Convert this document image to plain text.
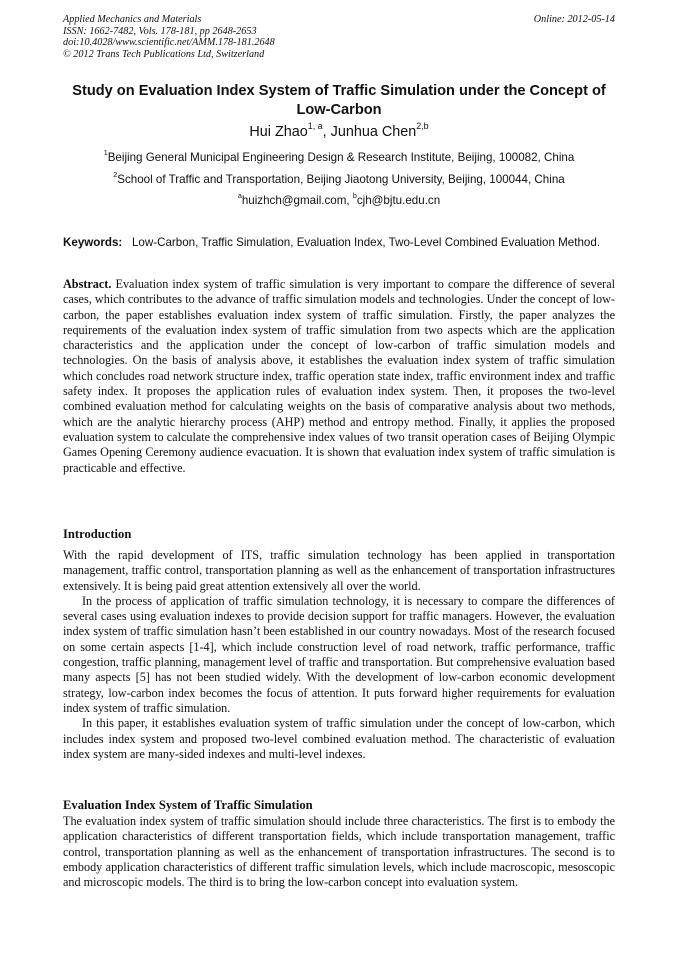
Applied Mechanics and Materials
ISSN: 1662-7482, Vols. 178-181, pp 2648-2653
doi:10.4028/www.scientific.net/AMM.178-181.2648
© 2012 Trans Tech Publications Ltd, Switzerland
Online: 2012-05-14
Study on Evaluation Index System of Traffic Simulation under the Concept of Low-Carbon
Hui Zhao$^{1, a}$, Junhua Chen$^{2,b}$
$^1$Beijing General Municipal Engineering Design & Research Institute, Beijing, 100082, China
$^2$School of Traffic and Transportation, Beijing Jiaotong University, Beijing, 100044, China
$^a$huizhch@gmail.com, $^b$cjh@bjtu.edu.cn
Keywords: Low-Carbon, Traffic Simulation, Evaluation Index, Two-Level Combined Evaluation Method.
Abstract. Evaluation index system of traffic simulation is very important to compare the difference of several cases, which contributes to the advance of traffic simulation models and technologies. Under the concept of low-carbon, the paper establishes evaluation index system of traffic simulation. Firstly, the paper analyzes the requirements of the evaluation index system of traffic simulation from two aspects which are the application characteristics and the application under the concept of low-carbon of traffic simulation models and technologies. On the basis of analysis above, it establishes the evaluation index system of traffic simulation which concludes road network structure index, traffic operation state index, traffic environment index and traffic safety index. It proposes the application rules of evaluation index system. Then, it proposes the two-level combined evaluation method for calculating weights on the basis of comparative analysis about two methods, which are the analytic hierarchy process (AHP) method and entropy method. Finally, it applies the proposed evaluation system to calculate the comprehensive index values of two transit operation cases of Beijing Olympic Games Opening Ceremony audience evacuation. It is shown that evaluation index system of traffic simulation is practicable and effective.
Introduction

With the rapid development of ITS, traffic simulation technology has been applied in transportation management, traffic control, transportation planning as well as the enhancement of transportation infrastructures extensively. It is being paid great attention extensively all over the world.

In the process of application of traffic simulation technology, it is necessary to compare the differences of several cases using evaluation indexes to provide decision support for traffic managers. However, the evaluation index system of traffic simulation hasn’t been established in our country nowadays. Most of the research focused on some certain aspects [1-4], which include construction level of road network, traffic performance, traffic congestion, traffic planning, management level of traffic and transportation. But comprehensive evaluation based many aspects [5] has not been studied widely. With the development of low-carbon economic development strategy, low-carbon index becomes the focus of attention. It puts forward higher requirements for evaluation index system of traffic simulation.

In this paper, it establishes evaluation system of traffic simulation under the concept of low-carbon, which includes index system and proposed two-level combined evaluation method. The characteristic of evaluation index system are many-sided indexes and multi-level indexes.

Evaluation Index System of Traffic Simulation

The evaluation index system of traffic simulation should include three characteristics. The first is to embody the application characteristics of different transportation fields, which include transportation management, traffic control, transportation planning as well as the enhancement of transportation infrastructures. The second is to embody application characteristics of different traffic simulation levels, which include macroscopic, mesoscopic and microscopic models. The third is to bring the low-carbon concept into evaluation system.
